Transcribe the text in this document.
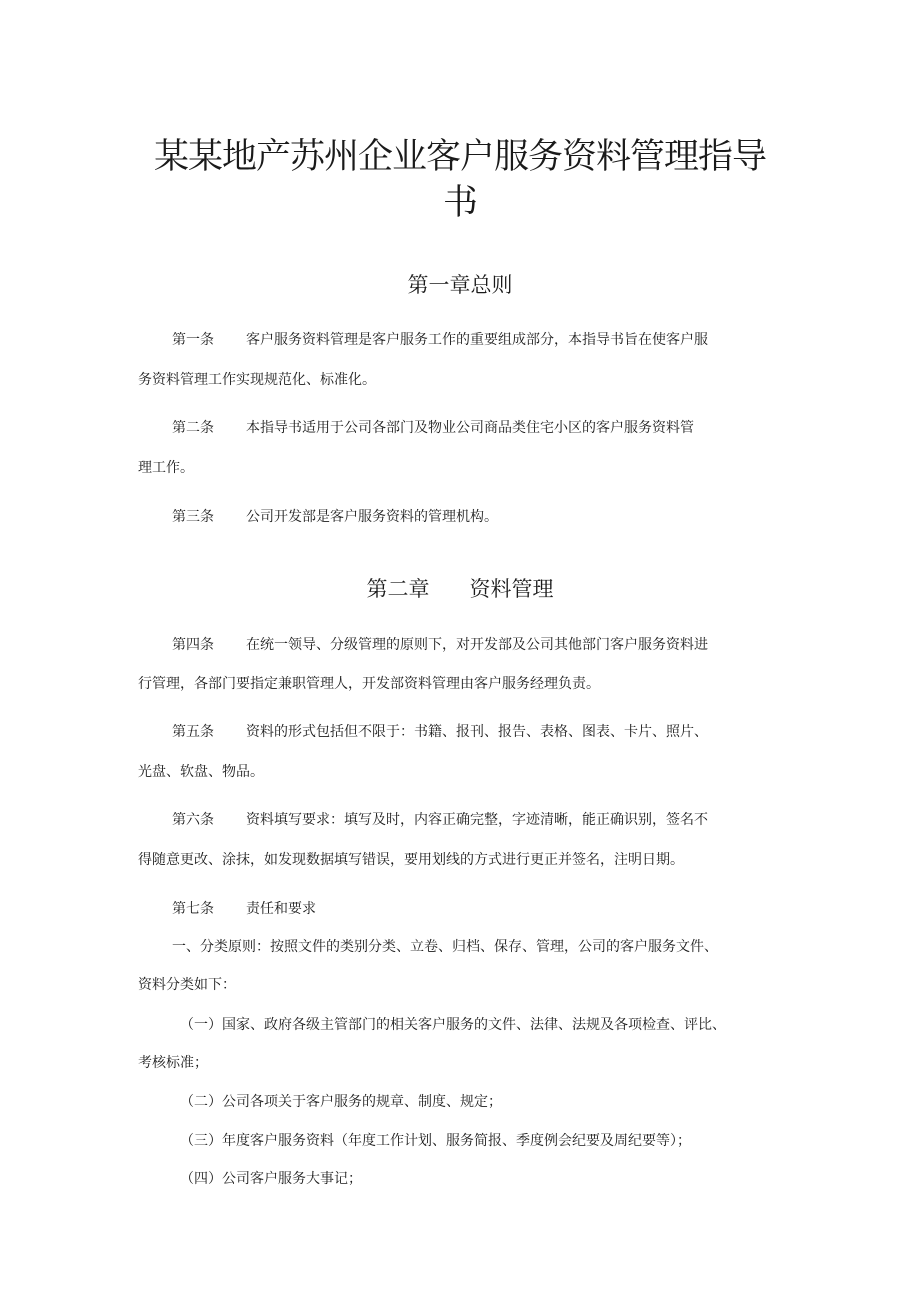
某某地产苏州企业客户服务资料管理指导
书
第一章总则

第一条 客户服务资料管理是客户服务工作的重要组成部分，本指导书旨在使客户服

务资料管理工作实现规范化、标准化。

第二条 本指导书适用于公司各部门及物业公司商品类住宅小区的客户服务资料管

理工作。

第三条 公司开发部是客户服务资料的管理机构。

第二章 资料管理

第四条 在统一领导、分级管理的原则下，对开发部及公司其他部门客户服务资料进

行管理，各部门要指定兼职管理人，开发部资料管理由客户服务经理负责。

第五条 资料的形式包括但不限于：书籍、报刊、报告、表格、图表、卡片、照片、

光盘、软盘、物品。

第六条 资料填写要求：填写及时，内容正确完整，字迹清晰，能正确识别，签名不

得随意更改、涂抹，如发现数据填写错误，要用划线的方式进行更正并签名，注明日期。

第七条 责任和要求

一、分类原则：按照文件的类别分类、立卷、归档、保存、管理，公司的客户服务文件、

资料分类如下：

（一）国家、政府各级主管部门的相关客户服务的文件、法律、法规及各项检查、评比、

考核标准；

（二）公司各项关于客户服务的规章、制度、规定；

（三）年度客户服务资料（年度工作计划、服务简报、季度例会纪要及周纪要等）；

（四）公司客户服务大事记；
